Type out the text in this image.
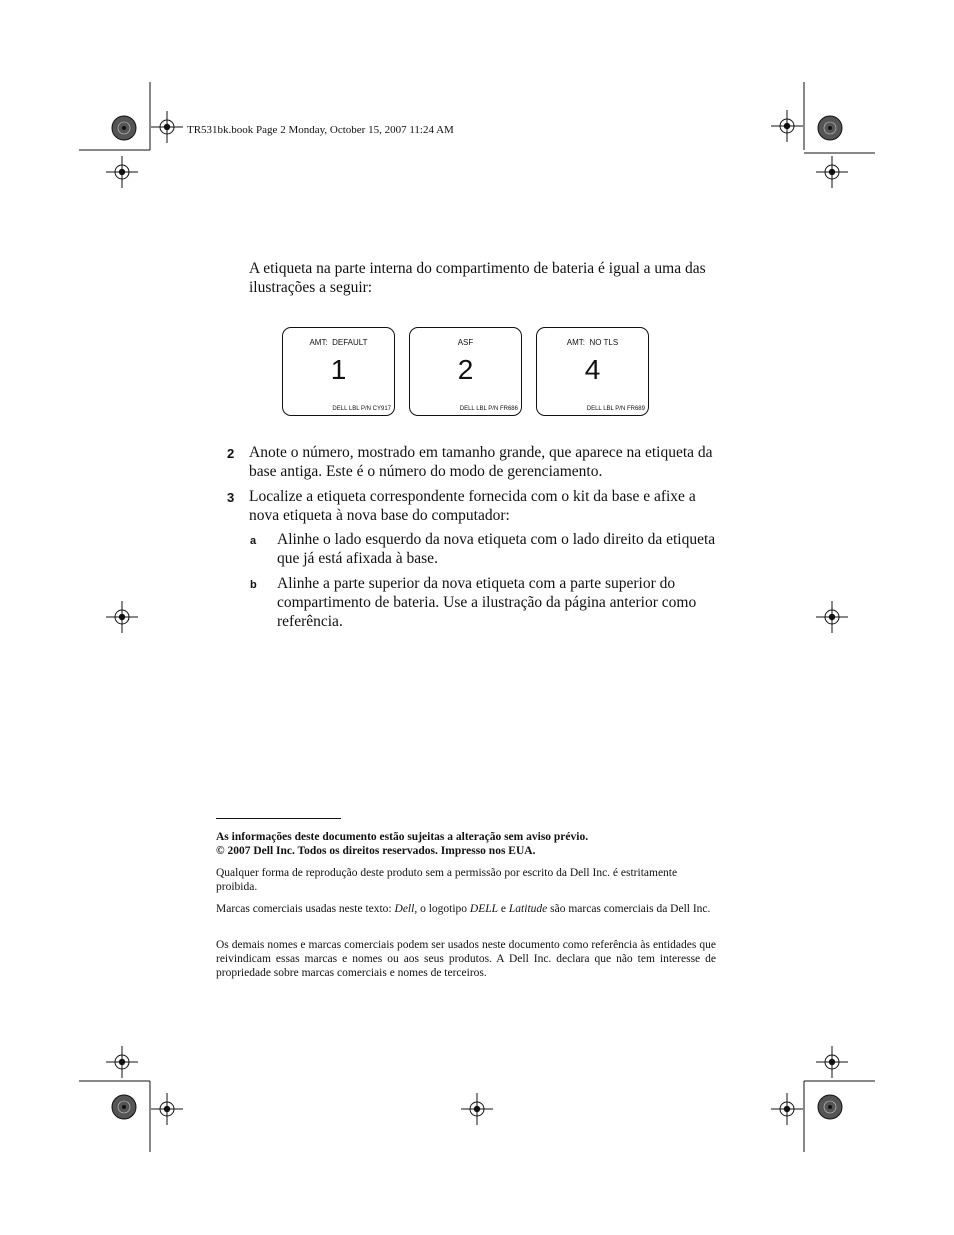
TR531bk.book Page 2 Monday, October 15, 2007 11:24 AM
A etiqueta na parte interna do compartimento de bateria é igual a uma das ilustrações a seguir:
AMT:  DEFAULT
1
DELL LBL P/N CY917
ASF
2
DELL LBL P/N FR686
AMT:  NO TLS
4
DELL LBL P/N FR689
2 Anote o número, mostrado em tamanho grande, que aparece na etiqueta da base antiga. Este é o número do modo de gerenciamento.
3 Localize a etiqueta correspondente fornecida com o kit da base e afixe a nova etiqueta à nova base do computador:
a Alinhe o lado esquerdo da nova etiqueta com o lado direito da etiqueta que já está afixada à base.
b Alinhe a parte superior da nova etiqueta com a parte superior do compartimento de bateria. Use a ilustração da página anterior como referência.
As informações deste documento estão sujeitas a alteração sem aviso prévio.
© 2007 Dell Inc. Todos os direitos reservados. Impresso nos EUA.
Qualquer forma de reprodução deste produto sem a permissão por escrito da Dell Inc. é estritamente proibida.
Marcas comerciais usadas neste texto: Dell, o logotipo DELL e Latitude são marcas comerciais da Dell Inc.
Os demais nomes e marcas comerciais podem ser usados neste documento como referência às entidades que reivindicam essas marcas e nomes ou aos seus produtos. A Dell Inc. declara que não tem interesse de propriedade sobre marcas comerciais e nomes de terceiros.
